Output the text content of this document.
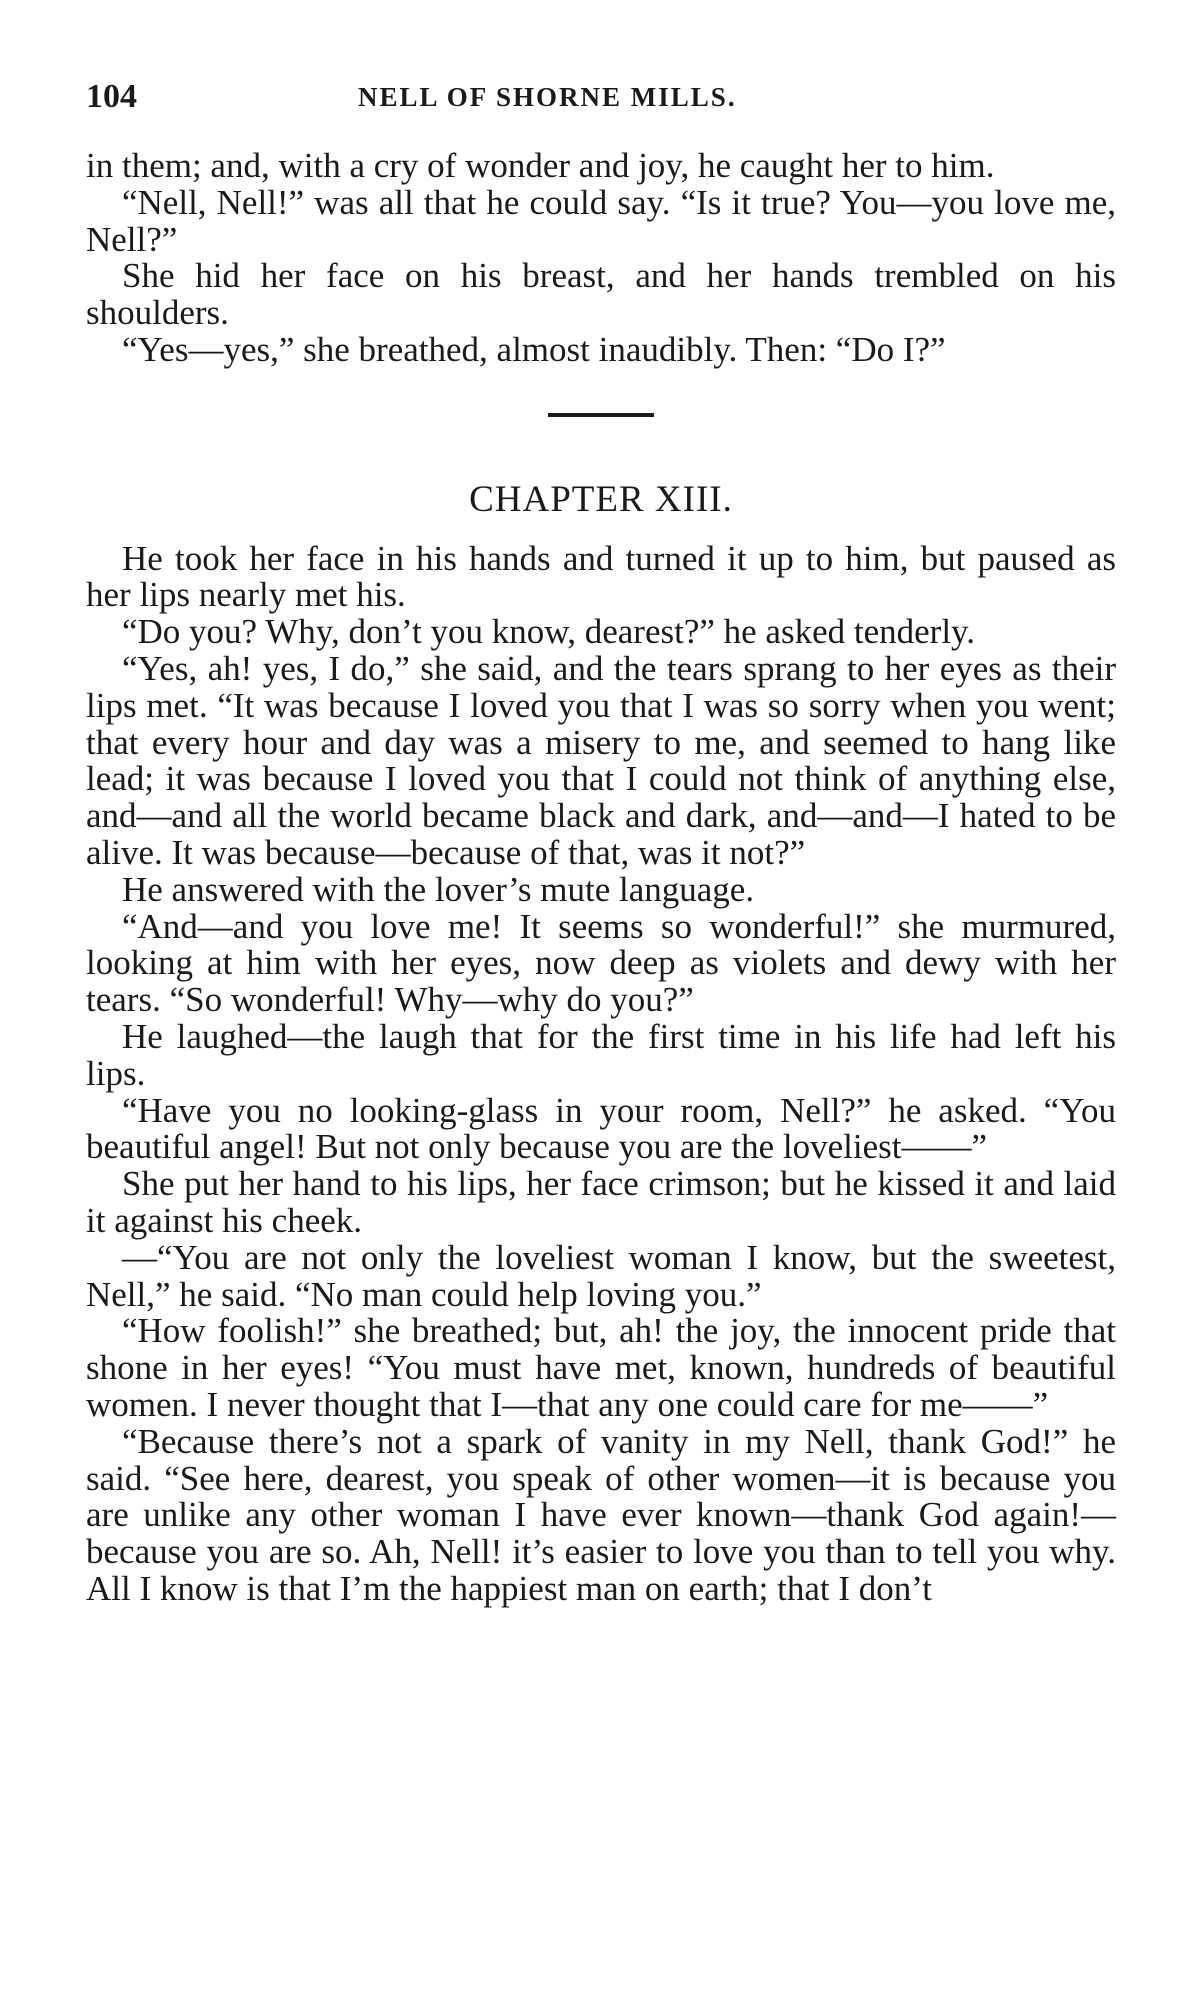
104	NELL OF SHORNE MILLS.

in them; and, with a cry of wonder and joy, he caught her to him.

“Nell, Nell!” was all that he could say. “Is it true? You—you love me, Nell?”

She hid her face on his breast, and her hands trembled on his shoulders.

“Yes—yes,” she breathed, almost inaudibly. Then: “Do I?”

CHAPTER XIII.

He took her face in his hands and turned it up to him, but paused as her lips nearly met his.

“Do you? Why, don’t you know, dearest?” he asked tenderly.

“Yes, ah! yes, I do,” she said, and the tears sprang to her eyes as their lips met. “It was because I loved you that I was so sorry when you went; that every hour and day was a misery to me, and seemed to hang like lead; it was because I loved you that I could not think of anything else, and—and all the world became black and dark, and—and—I hated to be alive. It was because—because of that, was it not?”

He answered with the lover’s mute language.

“And—and you love me! It seems so wonderful!” she murmured, looking at him with her eyes, now deep as violets and dewy with her tears. “So wonderful! Why—why do you?”

He laughed—the laugh that for the first time in his life had left his lips.

“Have you no looking-glass in your room, Nell?” he asked. “You beautiful angel! But not only because you are the loveliest——”

She put her hand to his lips, her face crimson; but he kissed it and laid it against his cheek.

—“You are not only the loveliest woman I know, but the sweetest, Nell,” he said. “No man could help loving you.”

“How foolish!” she breathed; but, ah! the joy, the innocent pride that shone in her eyes! “You must have met, known, hundreds of beautiful women. I never thought that I—that any one could care for me——”

“Because there’s not a spark of vanity in my Nell, thank God!” he said. “See here, dearest, you speak of other women—it is because you are unlike any other woman I have ever known—thank God again!—because you are so. Ah, Nell! it’s easier to love you than to tell you why. All I know is that I’m the happiest man on earth; that I don’t
